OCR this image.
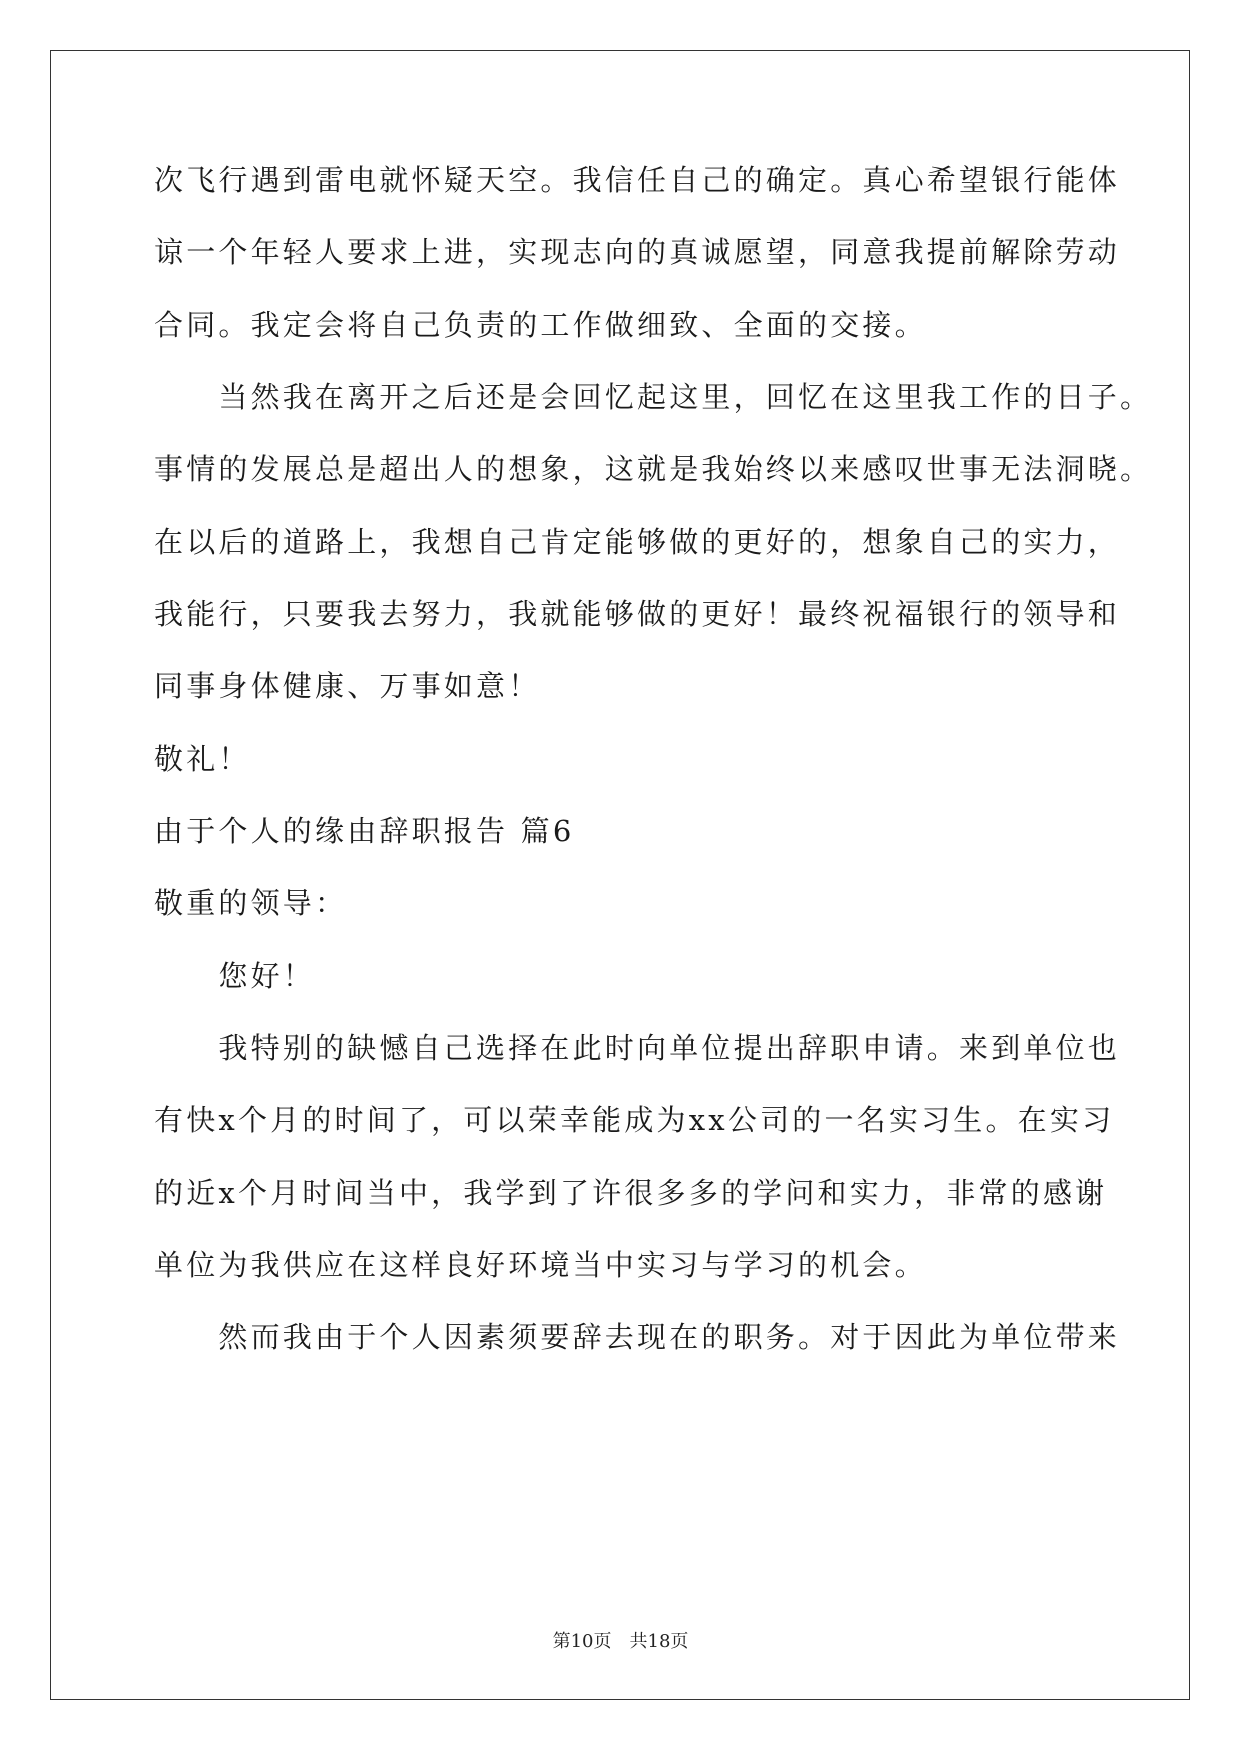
次飞行遇到雷电就怀疑天空。我信任自己的确定。真心希望银行能体
谅一个年轻人要求上进，实现志向的真诚愿望，同意我提前解除劳动
合同。我定会将自己负责的工作做细致、全面的交接。
　　当然我在离开之后还是会回忆起这里，回忆在这里我工作的日子。
事情的发展总是超出人的想象，这就是我始终以来感叹世事无法洞晓。
在以后的道路上，我想自己肯定能够做的更好的，想象自己的实力，
我能行，只要我去努力，我就能够做的更好！最终祝福银行的领导和
同事身体健康、万事如意！
敬礼！
由于个人的缘由辞职报告 篇6
敬重的领导：
　　您好！
　　我特别的缺憾自己选择在此时向单位提出辞职申请。来到单位也
有快x个月的时间了，可以荣幸能成为xx公司的一名实习生。在实习
的近x个月时间当中，我学到了许很多多的学问和实力，非常的感谢
单位为我供应在这样良好环境当中实习与学习的机会。
　　然而我由于个人因素须要辞去现在的职务。对于因此为单位带来
第10页　共18页
